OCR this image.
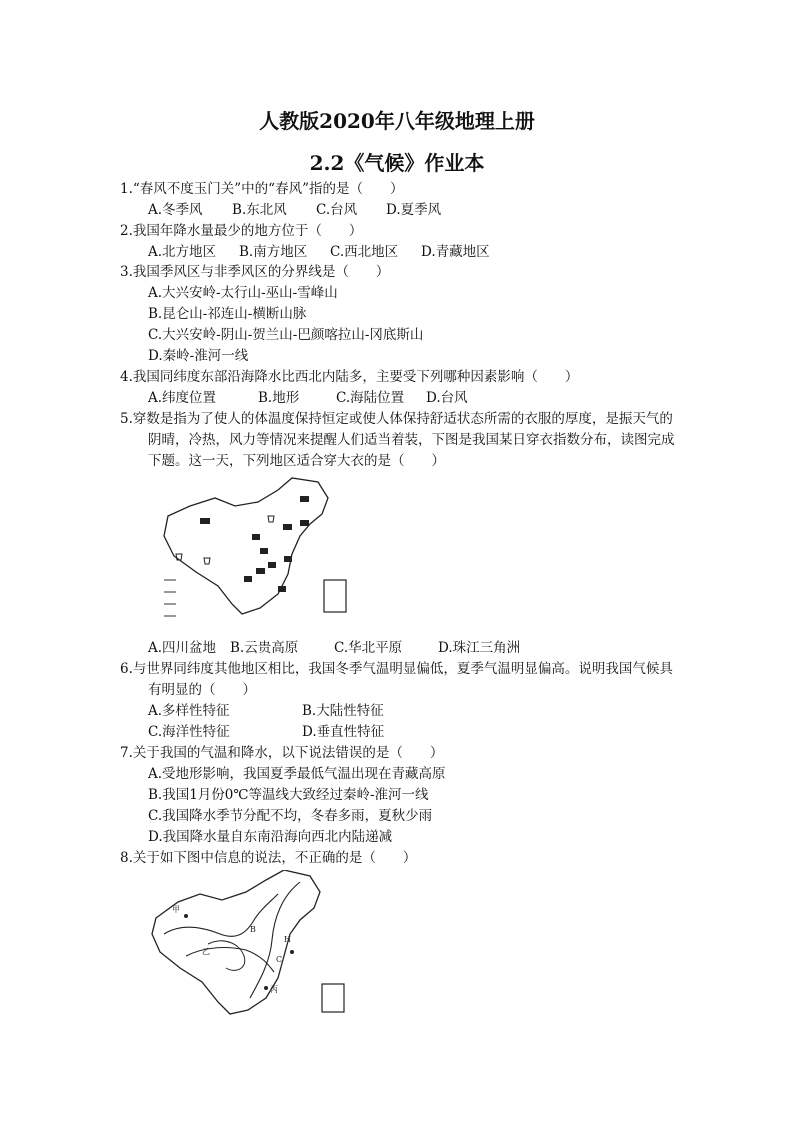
人教版2020年八年级地理上册
2.2《气候》作业本
1.“春风不度玉门关”中的“春风”指的是（　　）
A.冬季风 B.东北风 C.台风 D.夏季风
2.我国年降水量最少的地方位于（　　）
A.北方地区 B.南方地区 C.西北地区 D.青藏地区
3.我国季风区与非季风区的分界线是（　　）
A.大兴安岭-太行山-巫山-雪峰山
B.昆仑山-祁连山-横断山脉
C.大兴安岭-阴山-贺兰山-巴颜喀拉山-冈底斯山
D.秦岭-淮河一线
4.我国同纬度东部沿海降水比西北内陆多，主要受下列哪种因素影响（　　）
A.纬度位置	B.地形	C.海陆位置 D.台风
5.穿数是指为了使人的体温度保持恒定或使人体保持舒适状态所需的衣服的厚度，是振天气的
阴晴，冷热，风力等情况来提醒人们适当着装，下图是我国某日穿衣指数分布，读图完成
下题。这一天，下列地区适合穿大衣的是（　　）
A.四川盆地 B.云贵高原	C.华北平原	D.珠江三角洲
6.与世界同纬度其他地区相比，我国冬季气温明显偏低，夏季气温明显偏高。说明我国气候具
有明显的（　　）
A.多样性特征	B.大陆性特征
C.海洋性特征	D.垂直性特征
7.关于我国的气温和降水，以下说法错误的是（　　）
A.受地形影响，我国夏季最低气温出现在青藏高原
B.我国1月份0℃等温线大致经过秦岭-淮河一线
C.我国降水季节分配不均，冬春多雨，夏秋少雨
D.我国降水量自东南沿海向西北内陆递减
8.关于如下图中信息的说法，不正确的是（　　）
甲
乙
B
C
H
丙
